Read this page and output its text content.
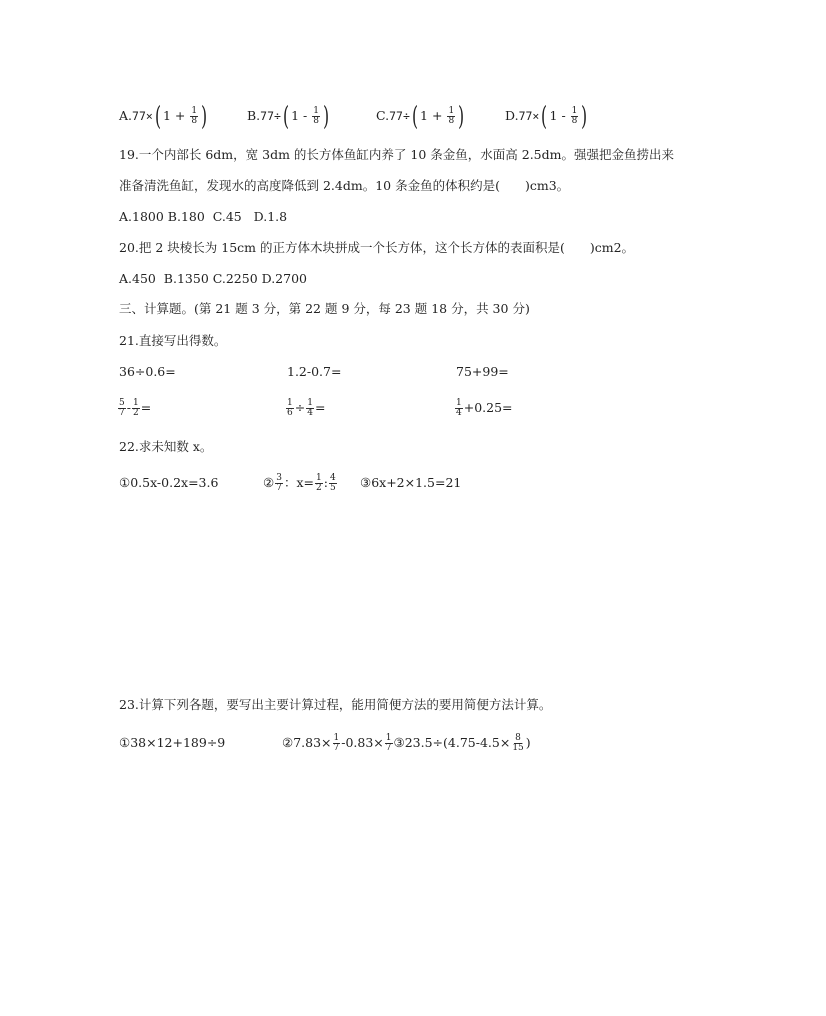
A.77×( $1 + \frac{1}{8}$ )	B.77÷( $1 - \frac{1}{8}$ )	C.77÷( $1 + \frac{1}{8}$ )	D.77×( $1 - \frac{1}{8}$ )
19.一个内部长 6dm，宽 3dm 的长方体鱼缸内养了 10 条金鱼，水面高 2.5dm。强强把金鱼捞出来
准备清洗鱼缸，发现水的高度降低到 2.4dm。10 条金鱼的体积约是(　　)cm3。
A.1800 B.180  C.45   D.1.8
20.把 2 块棱长为 15cm 的正方体木块拼成一个长方体，这个长方体的表面积是(　　)cm2。
A.450  B.1350 C.2250 D.2700
三、计算题。(第 21 题 3 分，第 22 题 9 分，每 23 题 18 分，共 30 分)
21.直接写出得数。
36÷0.6=	1.2-0.7=	75+99=
$\frac{5}{7} - \frac{1}{2}$ =	$\frac{1}{6} \div \frac{1}{4}$ =	$\frac{1}{4} +0.25=$
22.求未知数 x。
①0.5x-0.2x=3.6	② $\frac{3}{7}$ ：$x= \frac{1}{2}$ : $\frac{4}{5}$ ③6x+2×1.5=21
23.计算下列各题，要写出主要计算过程，能用简便方法的要用简便方法计算。
①38×12+189÷9	②7.83× $\frac{1}{7} -0.83\times \frac{1}{7}$ ③23.5÷(4.75-4.5× $\frac{8}{15}$ )
